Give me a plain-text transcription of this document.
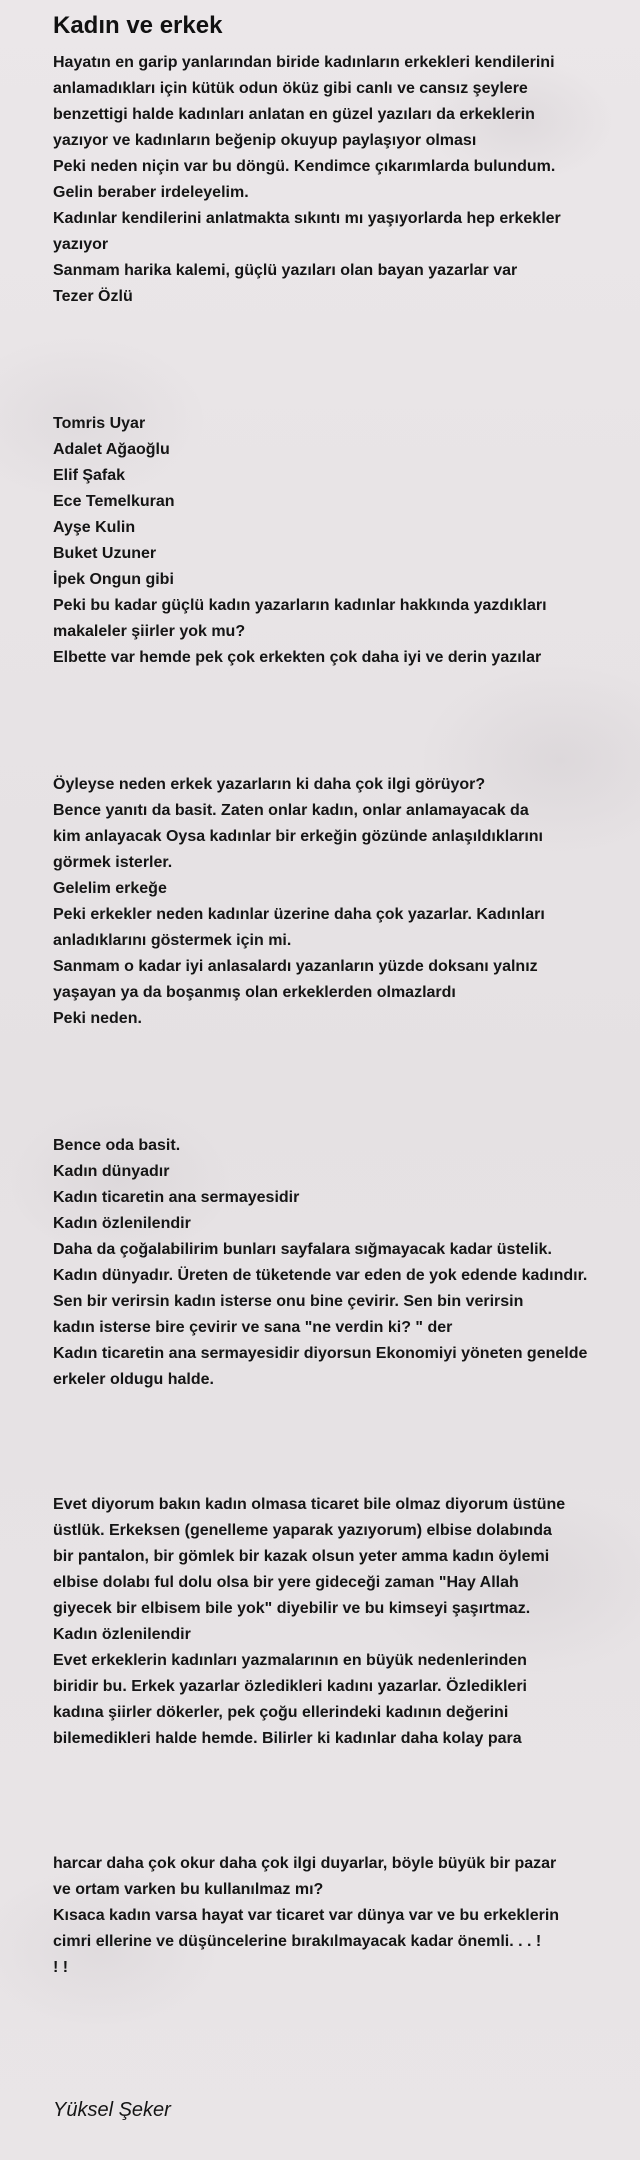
Kadın ve erkek

Hayatın en garip yanlarından biride kadınların erkekleri kendilerini
anlamadıkları için kütük odun öküz gibi canlı ve cansız şeylere
benzettigi halde kadınları anlatan en güzel yazıları da erkeklerin
yazıyor ve kadınların beğenip okuyup paylaşıyor olması
Peki neden niçin var bu döngü. Kendimce çıkarımlarda bulundum.
Gelin beraber irdeleyelim.
Kadınlar kendilerini anlatmakta sıkıntı mı yaşıyorlarda hep erkekler
yazıyor
Sanmam harika kalemi, güçlü yazıları olan bayan yazarlar var
Tezer Özlü

Tomris Uyar
Adalet Ağaoğlu
Elif Şafak
Ece Temelkuran
Ayşe Kulin
Buket Uzuner
İpek Ongun gibi
Peki bu kadar güçlü kadın yazarların kadınlar hakkında yazdıkları
makaleler şiirler yok mu?
Elbette var hemde pek çok erkekten çok daha iyi ve derin yazılar

Öyleyse neden erkek yazarların ki daha çok ilgi görüyor?
Bence yanıtı da basit. Zaten onlar kadın, onlar anlamayacak da
kim anlayacak Oysa kadınlar bir erkeğin gözünde anlaşıldıklarını
görmek isterler.
Gelelim erkeğe
Peki erkekler neden kadınlar üzerine daha çok yazarlar. Kadınları
anladıklarını göstermek için mi.
Sanmam o kadar iyi anlasalardı yazanların yüzde doksanı yalnız
yaşayan ya da boşanmış olan erkeklerden olmazlardı
Peki neden.

Bence oda basit.
Kadın dünyadır
Kadın ticaretin ana sermayesidir
Kadın özlenilendir
Daha da çoğalabilirim bunları sayfalara sığmayacak kadar üstelik.
Kadın dünyadır. Üreten de tüketende var eden de yok edende kadındır.
Sen bir verirsin kadın isterse onu bine çevirir. Sen bin verirsin
kadın isterse bire çevirir ve sana "ne verdin ki? " der
Kadın ticaretin ana sermayesidir diyorsun Ekonomiyi yöneten genelde
erkeler oldugu halde.

Evet diyorum bakın kadın olmasa ticaret bile olmaz diyorum üstüne
üstlük. Erkeksen (genelleme yaparak yazıyorum) elbise dolabında
bir pantalon, bir gömlek bir kazak olsun yeter amma kadın öylemi
elbise dolabı ful dolu olsa bir yere gideceği zaman "Hay Allah
giyecek bir elbisem bile yok" diyebilir ve bu kimseyi şaşırtmaz.
Kadın özlenilendir
Evet erkeklerin kadınları yazmalarının en büyük nedenlerinden
biridir bu. Erkek yazarlar özledikleri kadını yazarlar. Özledikleri
kadına şiirler dökerler, pek çoğu ellerindeki kadının değerini
bilemedikleri halde hemde. Bilirler ki kadınlar daha kolay para

harcar daha çok okur daha çok ilgi duyarlar, böyle büyük bir pazar
ve ortam varken bu kullanılmaz mı?
Kısaca kadın varsa hayat var ticaret var dünya var ve bu erkeklerin
cimri ellerine ve düşüncelerine bırakılmayacak kadar önemli. . . !
! !

Yüksel Şeker
